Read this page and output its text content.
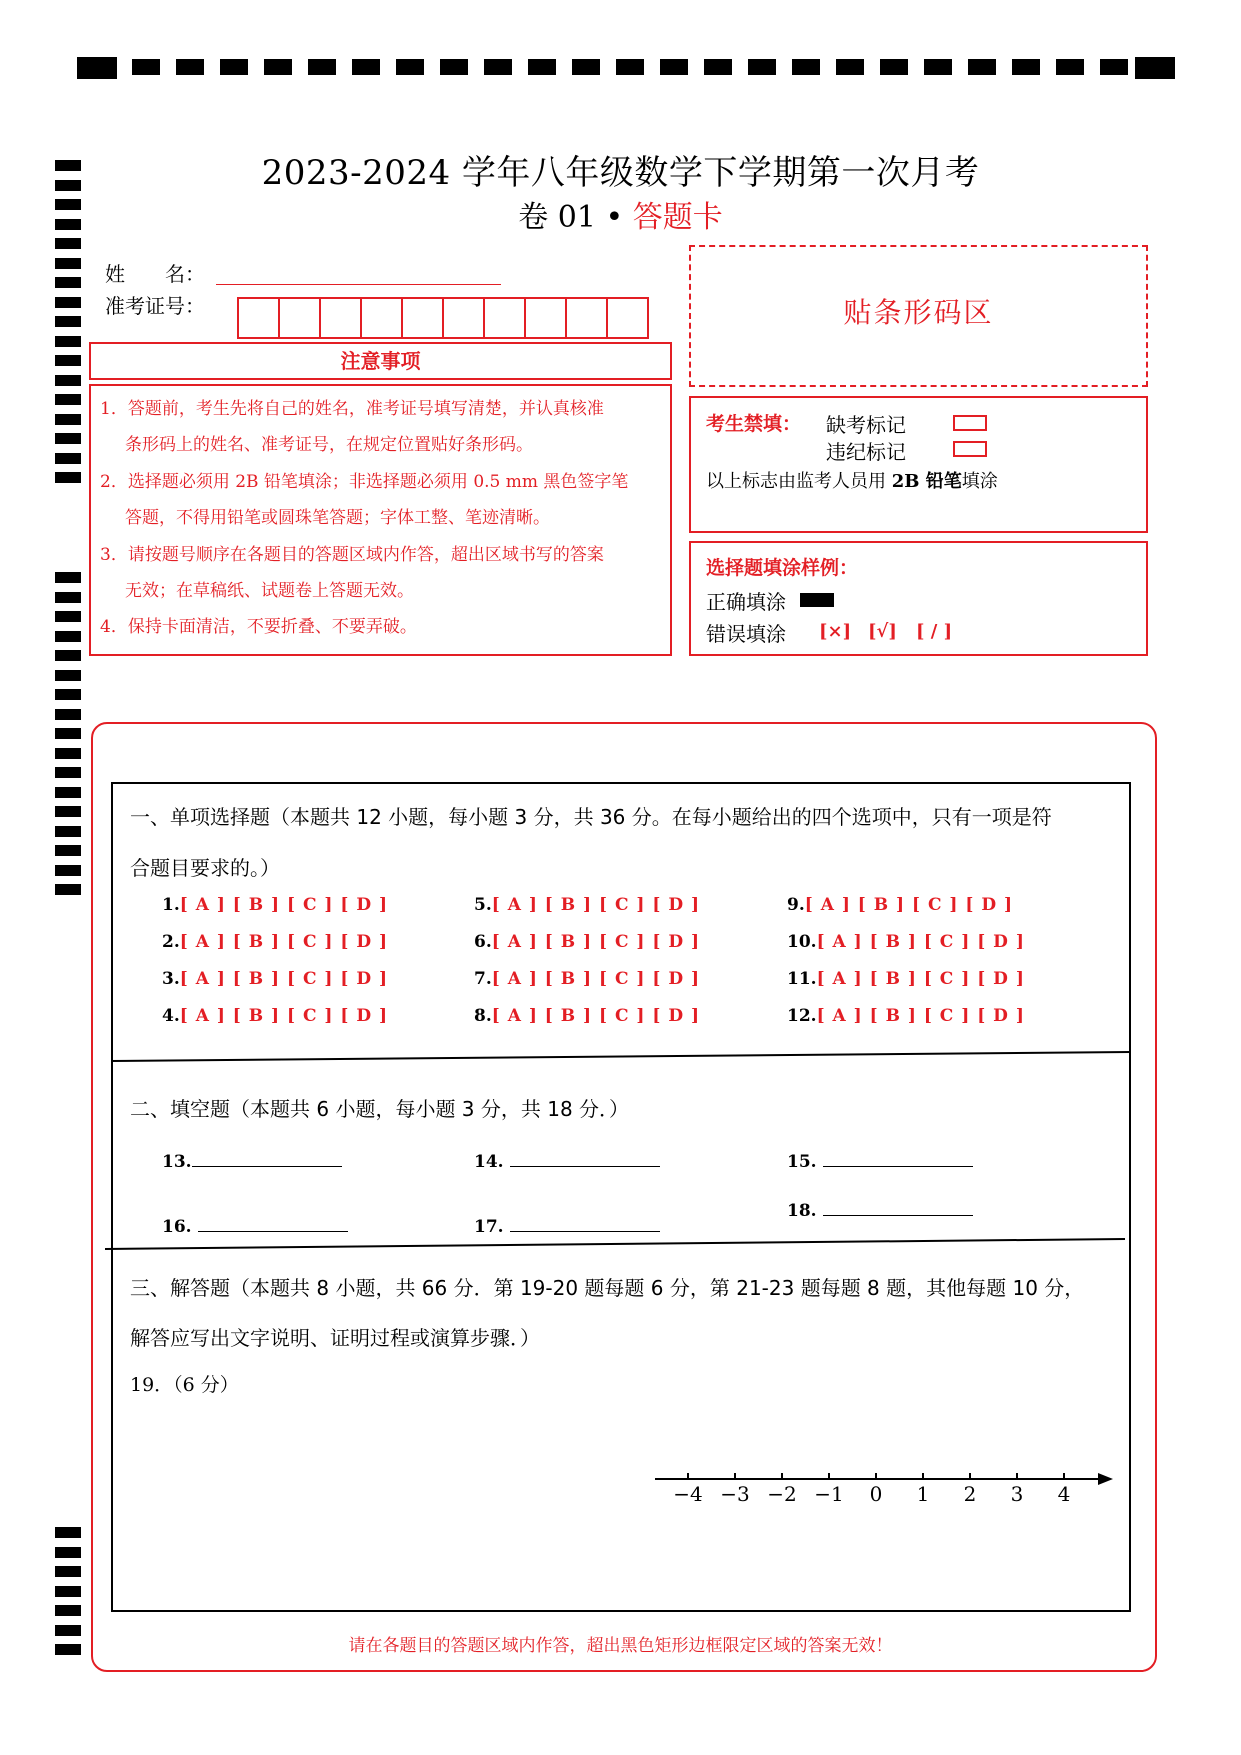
2023-2024 学年八年级数学下学期第一次月考
卷 01 • 答题卡
姓　　名：
准考证号：
注意事项

1．答题前，考生先将自己的姓名，准考证号填写清楚，并认真核准

条形码上的姓名、准考证号，在规定位置贴好条形码。

2．选择题必须用 2B 铅笔填涂；非选择题必须用 0.5 mm 黑色签字笔

答题，不得用铅笔或圆珠笔答题；字体工整、笔迹清晰。

3．请按题号顺序在各题目的答题区域内作答，超出区域书写的答案

无效；在草稿纸、试题卷上答题无效。

4．保持卡面清洁，不要折叠、不要弄破。

贴条形码区
考生禁填： 缺考标记
违纪标记
以上标志由监考人员用 2B 铅笔填涂
选择题填涂样例：
正确填涂
错误填涂 [×] [√] [ / ]
一、单项选择题（本题共 12 小题，每小题 3 分，共 36 分。在每小题给出的四个选项中，只有一项是符
合题目要求的。）
1.[ A ] [ B ] [ C ] [ D ]
2.[ A ] [ B ] [ C ] [ D ]
3.[ A ] [ B ] [ C ] [ D ]
4.[ A ] [ B ] [ C ] [ D ]
5.[ A ] [ B ] [ C ] [ D ]
6.[ A ] [ B ] [ C ] [ D ]
7.[ A ] [ B ] [ C ] [ D ]
8.[ A ] [ B ] [ C ] [ D ]
9.[ A ] [ B ] [ C ] [ D ]
10.[ A ] [ B ] [ C ] [ D ]
11.[ A ] [ B ] [ C ] [ D ]
12.[ A ] [ B ] [ C ] [ D ]
二、填空题（本题共 6 小题，每小题 3 分，共 18 分．）
13.	14.	15.
16.	17.
18.
三、解答题（本题共 8 小题，共 66 分．第 19-20 题每题 6 分，第 21-23 题每题 8 题，其他每题 10 分，
解答应写出文字说明、证明过程或演算步骤．）
19．（6 分）
−4 −3 −2 −1	0	1	2	3	4
请在各题目的答题区域内作答，超出黑色矩形边框限定区域的答案无效！
